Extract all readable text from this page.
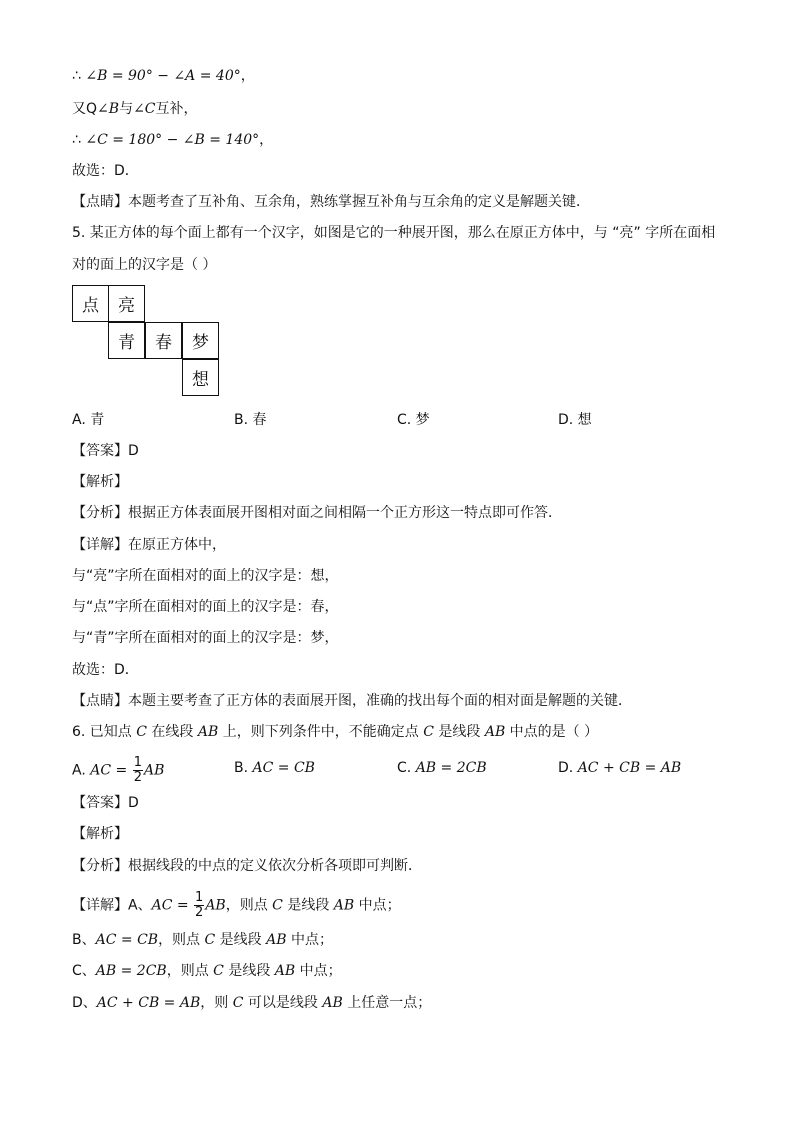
∴ ∠B = 90° − ∠A = 40°，
又Q∠B与∠C互补，
∴ ∠C = 180° − ∠B = 140°，
故选：D．
【点睛】本题考查了互补角、互余角，熟练掌握互补角与互余角的定义是解题关键．
5. 某正方体的每个面上都有一个汉字，如图是它的一种展开图，那么在原正方体中，与 “亮” 字所在面相
对的面上的汉字是（ ）
点	亮
青	春	梦
想
A. 青	B. 春	C. 梦	D. 想
【答案】D
【解析】
【分析】根据正方体表面展开图相对面之间相隔一个正方形这一特点即可作答．
【详解】在原正方体中，
与“亮”字所在面相对的面上的汉字是：想，
与“点”字所在面相对的面上的汉字是：春，
与“青”字所在面相对的面上的汉字是：梦，
故选：D．
【点睛】本题主要考查了正方体的表面展开图，准确的找出每个面的相对面是解题的关键．
6. 已知点 C 在线段 AB 上，则下列条件中，不能确定点 C 是线段 AB 中点的是（ ）
A. AC = $\frac{1}{2}$ AB	B. AC = CB	C. AB = 2CB	D. AC + CB = AB
【答案】D
【解析】
【分析】根据线段的中点的定义依次分析各项即可判断．
【详解】A、AC = $\frac{1}{2}$ AB，则点 C 是线段 AB 中点；
B、AC = CB，则点 C 是线段 AB 中点；
C、AB = 2CB，则点 C 是线段 AB 中点；
D、AC + CB = AB，则 C 可以是线段 AB 上任意一点；
